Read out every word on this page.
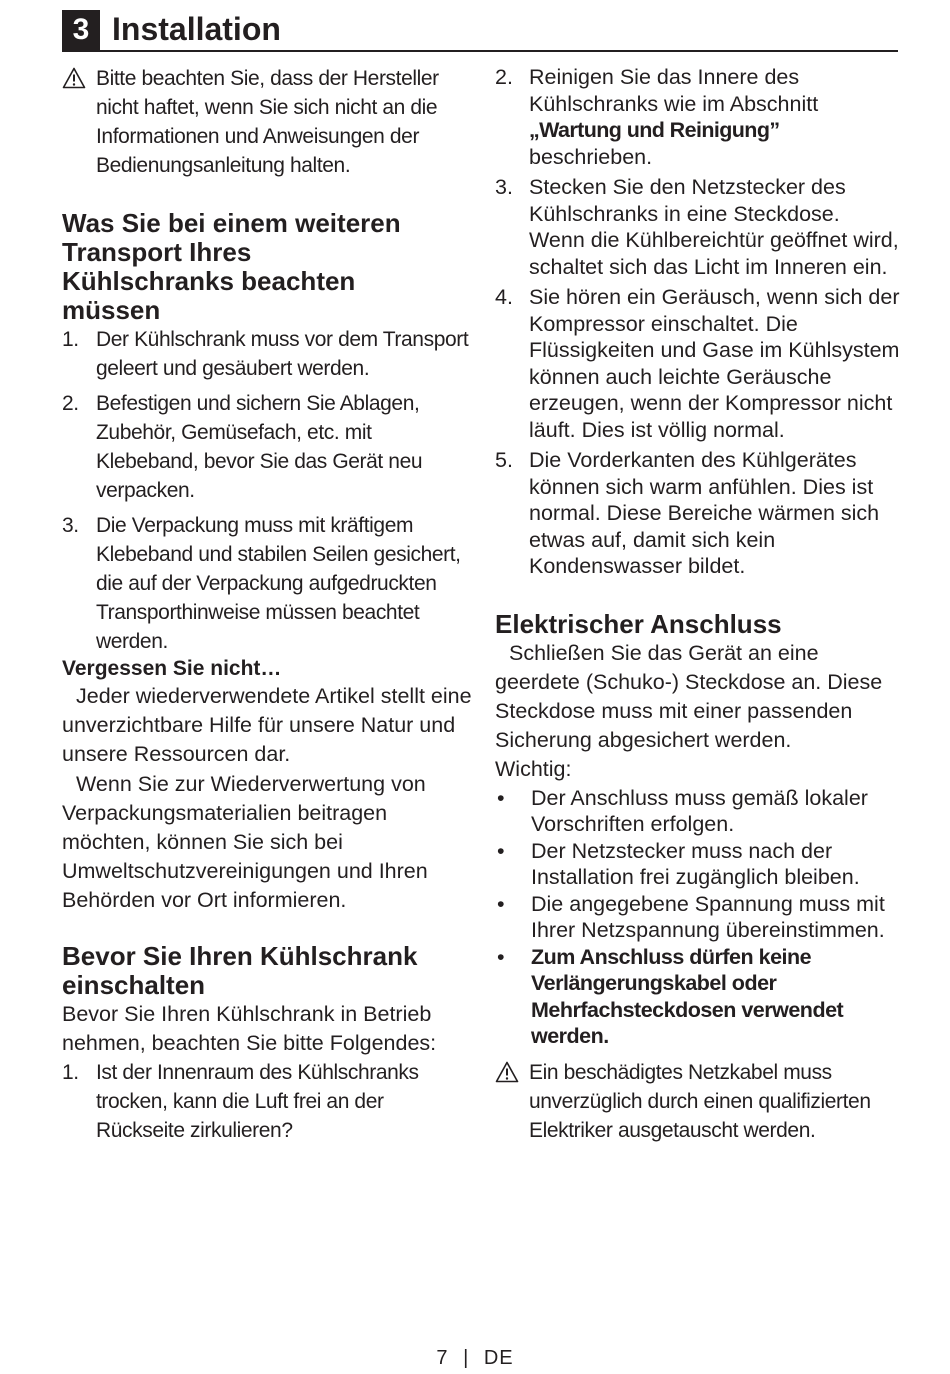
3 Installation

Bitte beachten Sie, dass der Hersteller nicht haftet, wenn Sie sich nicht an die Informationen und Anweisungen der Bedienungsanleitung halten.

Was Sie bei einem weiteren Transport Ihres Kühlschranks beachten müssen
1. Der Kühlschrank muss vor dem Transport geleert und gesäubert werden.
2. Befestigen und sichern Sie Ablagen, Zubehör, Gemüsefach, etc. mit Klebeband, bevor Sie das Gerät neu verpacken.
3. Die Verpackung muss mit kräftigem Klebeband und stabilen Seilen gesichert, die auf der Verpackung aufgedruckten Transporthinweise müssen beachtet werden.

Vergessen Sie nicht…

Jeder wiederverwendete Artikel stellt eine unverzichtbare Hilfe für unsere Natur und unsere Ressourcen dar.

Wenn Sie zur Wiederverwertung von Verpackungsmaterialien beitragen möchten, können Sie sich bei Umweltschutzvereinigungen und Ihren Behörden vor Ort informieren.

Bevor Sie Ihren Kühlschrank einschalten

Bevor Sie Ihren Kühlschrank in Betrieb nehmen, beachten Sie bitte Folgendes:

1. Ist der Innenraum des Kühlschranks trocken, kann die Luft frei an der Rückseite zirkulieren?
2. Reinigen Sie das Innere des Kühlschranks wie im Abschnitt „Wartung und Reinigung” beschrieben.
3. Stecken Sie den Netzstecker des Kühlschranks in eine Steckdose. Wenn die Kühlbereichtür geöffnet wird, schaltet sich das Licht im Inneren ein.
4. Sie hören ein Geräusch, wenn sich der Kompressor einschaltet. Die Flüssigkeiten und Gase im Kühlsystem können auch leichte Geräusche erzeugen, wenn der Kompressor nicht läuft. Dies ist völlig normal.
5. Die Vorderkanten des Kühlgerätes können sich warm anfühlen. Dies ist normal. Diese Bereiche wärmen sich etwas auf, damit sich kein Kondenswasser bildet.
Elektrischer Anschluss

Schließen Sie das Gerät an eine geerdete (Schuko-) Steckdose an. Diese Steckdose muss mit einer passenden Sicherung abgesichert werden.

Wichtig:

•	Der Anschluss muss gemäß lokaler Vorschriften erfolgen.
•	Der Netzstecker muss nach der Installation frei zugänglich bleiben.
•	Die angegebene Spannung muss mit Ihrer Netzspannung übereinstimmen.
•	Zum Anschluss dürfen keine Verlängerungskabel oder Mehrfachsteckdosen verwendet werden.

Ein beschädigtes Netzkabel muss unverzüglich durch einen qualifizierten Elektriker ausgetauscht werden.

7 | DE
